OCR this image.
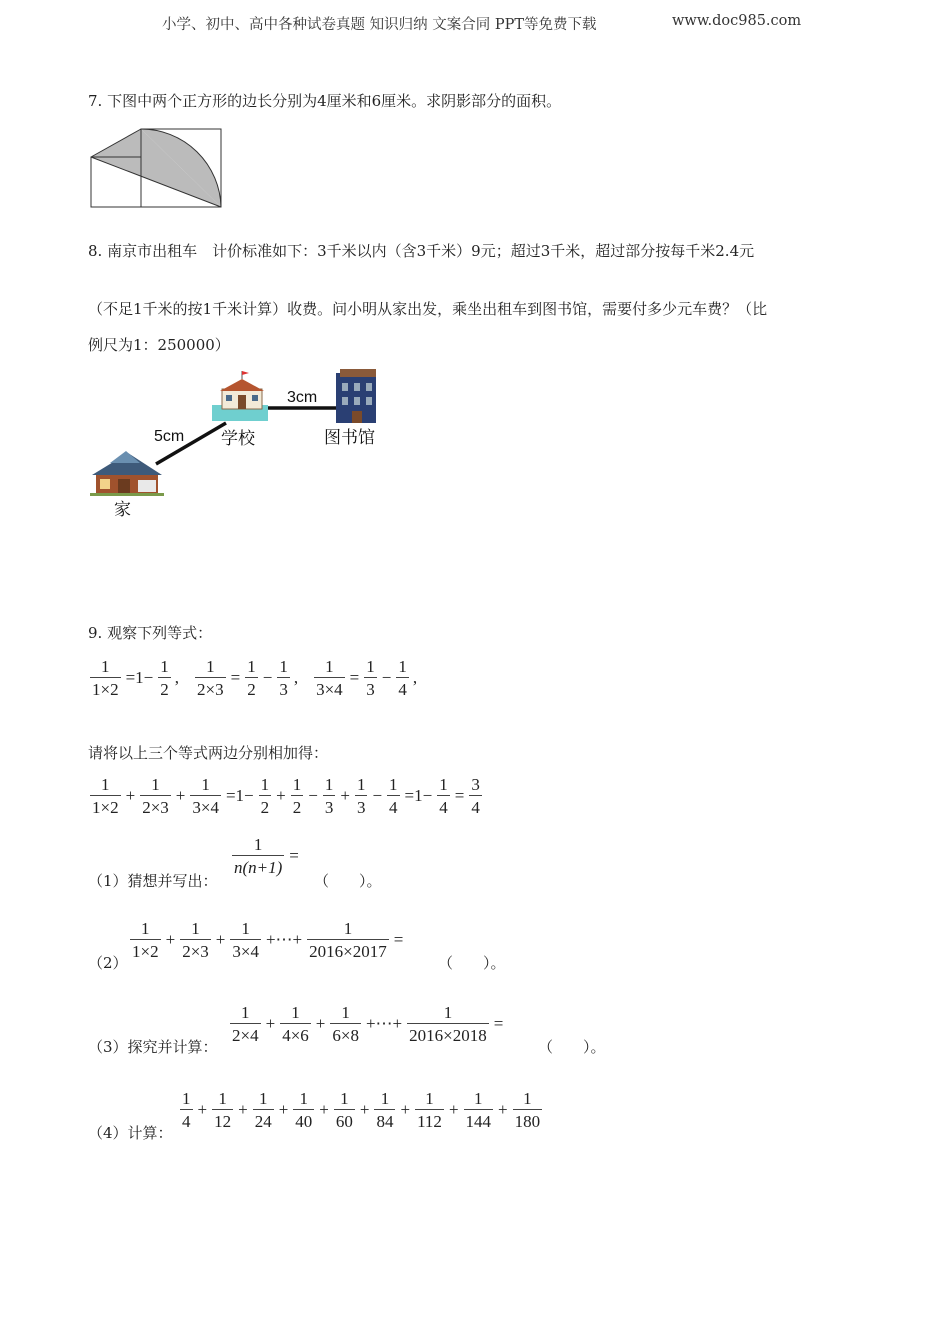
小学、初中、高中各种试卷真题 知识归纳 文案合同 PPT等免费下载	www.doc985.com
7. 下图中两个正方形的边长分别为4厘米和6厘米。求阴影部分的面积。
8. 南京市出租车　计价标准如下：3千米以内（含3千米）9元；超过3千米，超过部分按每千米2.4元
（不足1千米的按1千米计算）收费。问小明从家出发，乘坐出租车到图书馆，需要付多少元车费？（比
例尺为1：250000）
5cm
3cm
学校	图书馆
家
9. 观察下列等式：
$\frac{1}{1\times 2} =1- \frac{1}{2}$ , $\frac{1}{2\times 3} = \frac{1}{2} - \frac{1}{3}$ , $\frac{1}{3\times 4} = \frac{1}{3} - \frac{1}{4}$ ,
请将以上三个等式两边分别相加得：
$\frac{1}{1\times 2} + \frac{1}{2\times 3} + \frac{1}{3\times 4} =1- \frac{1}{2} + \frac{1}{2} - \frac{1}{3} + \frac{1}{3} - \frac{1}{4} =1- \frac{1}{4} = \frac{3}{4}$
（1）猜想并写出：
$\frac{1}{n(n+1)}$ =
（　　）。
（2）
$\frac{1}{1\times 2} + \frac{1}{2\times 3} + \frac{1}{3\times 4}$ +⋯+ $\frac{1}{2016\times 2017}$ =
（　　）。
（3）探究并计算：
$\frac{1}{2\times 4} + \frac{1}{4\times 6} + \frac{1}{6\times 8}$ +⋯+ $\frac{1}{2016\times 2018}$ =
（　　）。
（4）计算：
$\frac{1}{4} + \frac{1}{12} + \frac{1}{24} + \frac{1}{40} + \frac{1}{60} + \frac{1}{84} + \frac{1}{112} + \frac{1}{144} + \frac{1}{180}$
